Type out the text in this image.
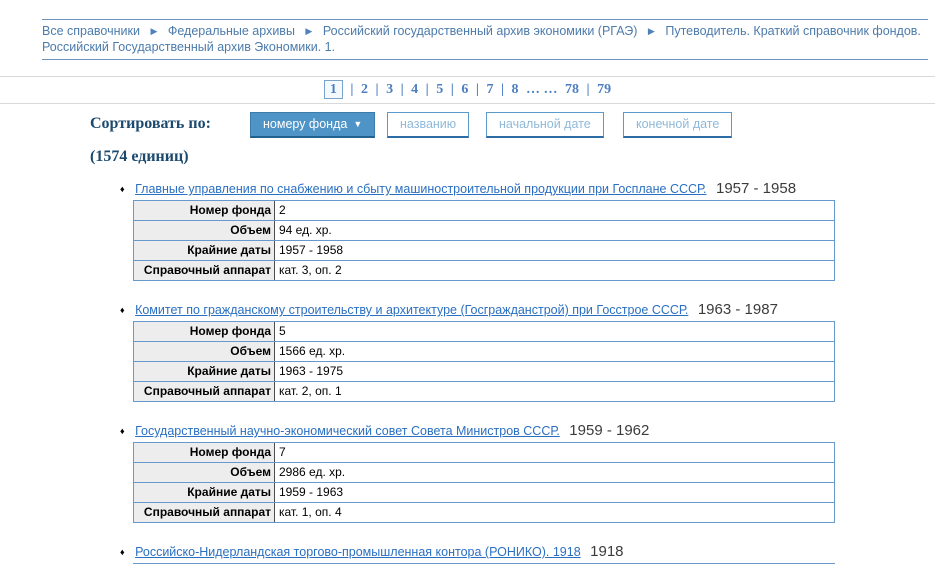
Все справочники ▶ Федеральные архивы ▶ Российский государственный архив экономики (РГАЭ) ▶ Путеводитель. Краткий справочник фондов. Российский Государственный архив Экономики. 1.
1 | 2 | 3 | 4 | 5 | 6 | 7 | 8 … … 78 | 79
Сортировать по:	номеру фонда ▼	названию	начальной дате	конечной дате
(1574 единиц)
♦ Главные управления по снабжению и сбыту машиностроительной продукции при Госплане СССР. 1957 - 1958
Номер фонда 2
Объем 94 ед. хр.
Крайние даты 1957 - 1958
Справочный аппарат кат. 3, оп. 2
♦ Комитет по гражданскому строительству и архитектуре (Госгражданстрой) при Госстрое СССР. 1963 - 1987
Номер фонда 5
Объем 1566 ед. хр.
Крайние даты 1963 - 1975
Справочный аппарат кат. 2, оп. 1
♦ Государственный научно-экономический совет Совета Министров СССР. 1959 - 1962
Номер фонда 7
Объем 2986 ед. хр.
Крайние даты 1959 - 1963
Справочный аппарат кат. 1, оп. 4
♦ Российско-Нидерландская торгово-промышленная контора (РОНИКО). 1918 1918
